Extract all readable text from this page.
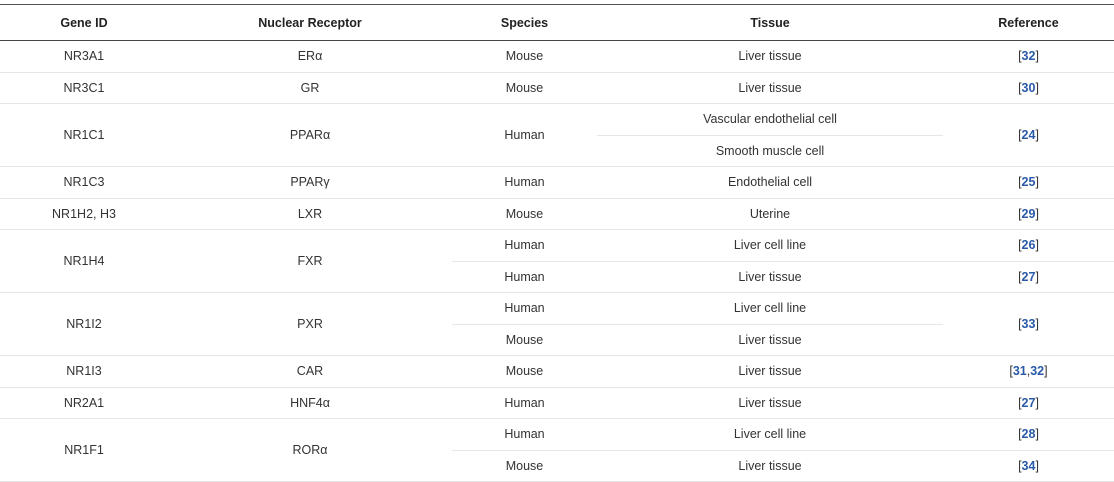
Gene ID	Nuclear Receptor	Species	Tissue	Reference
NR3A1	ERα	Mouse	Liver tissue	[32]
NR3C1	GR	Mouse	Liver tissue	[30]
NR1C1	PPARα	Human	Vascular endothelial cell	[24]
			Smooth muscle cell	
NR1C3	PPARγ	Human	Endothelial cell	[25]
NR1H2, H3	LXR	Mouse	Uterine	[29]
NR1H4	FXR	Human	Liver cell line	[26]
		Human	Liver tissue	[27]
NR1I2	PXR	Human	Liver cell line	[33]
		Mouse	Liver tissue	
NR1I3	CAR	Mouse	Liver tissue	[31,32]
NR2A1	HNF4α	Human	Liver tissue	[27]
NR1F1	RORα	Human	Liver cell line	[28]
		Mouse	Liver tissue	[34]
